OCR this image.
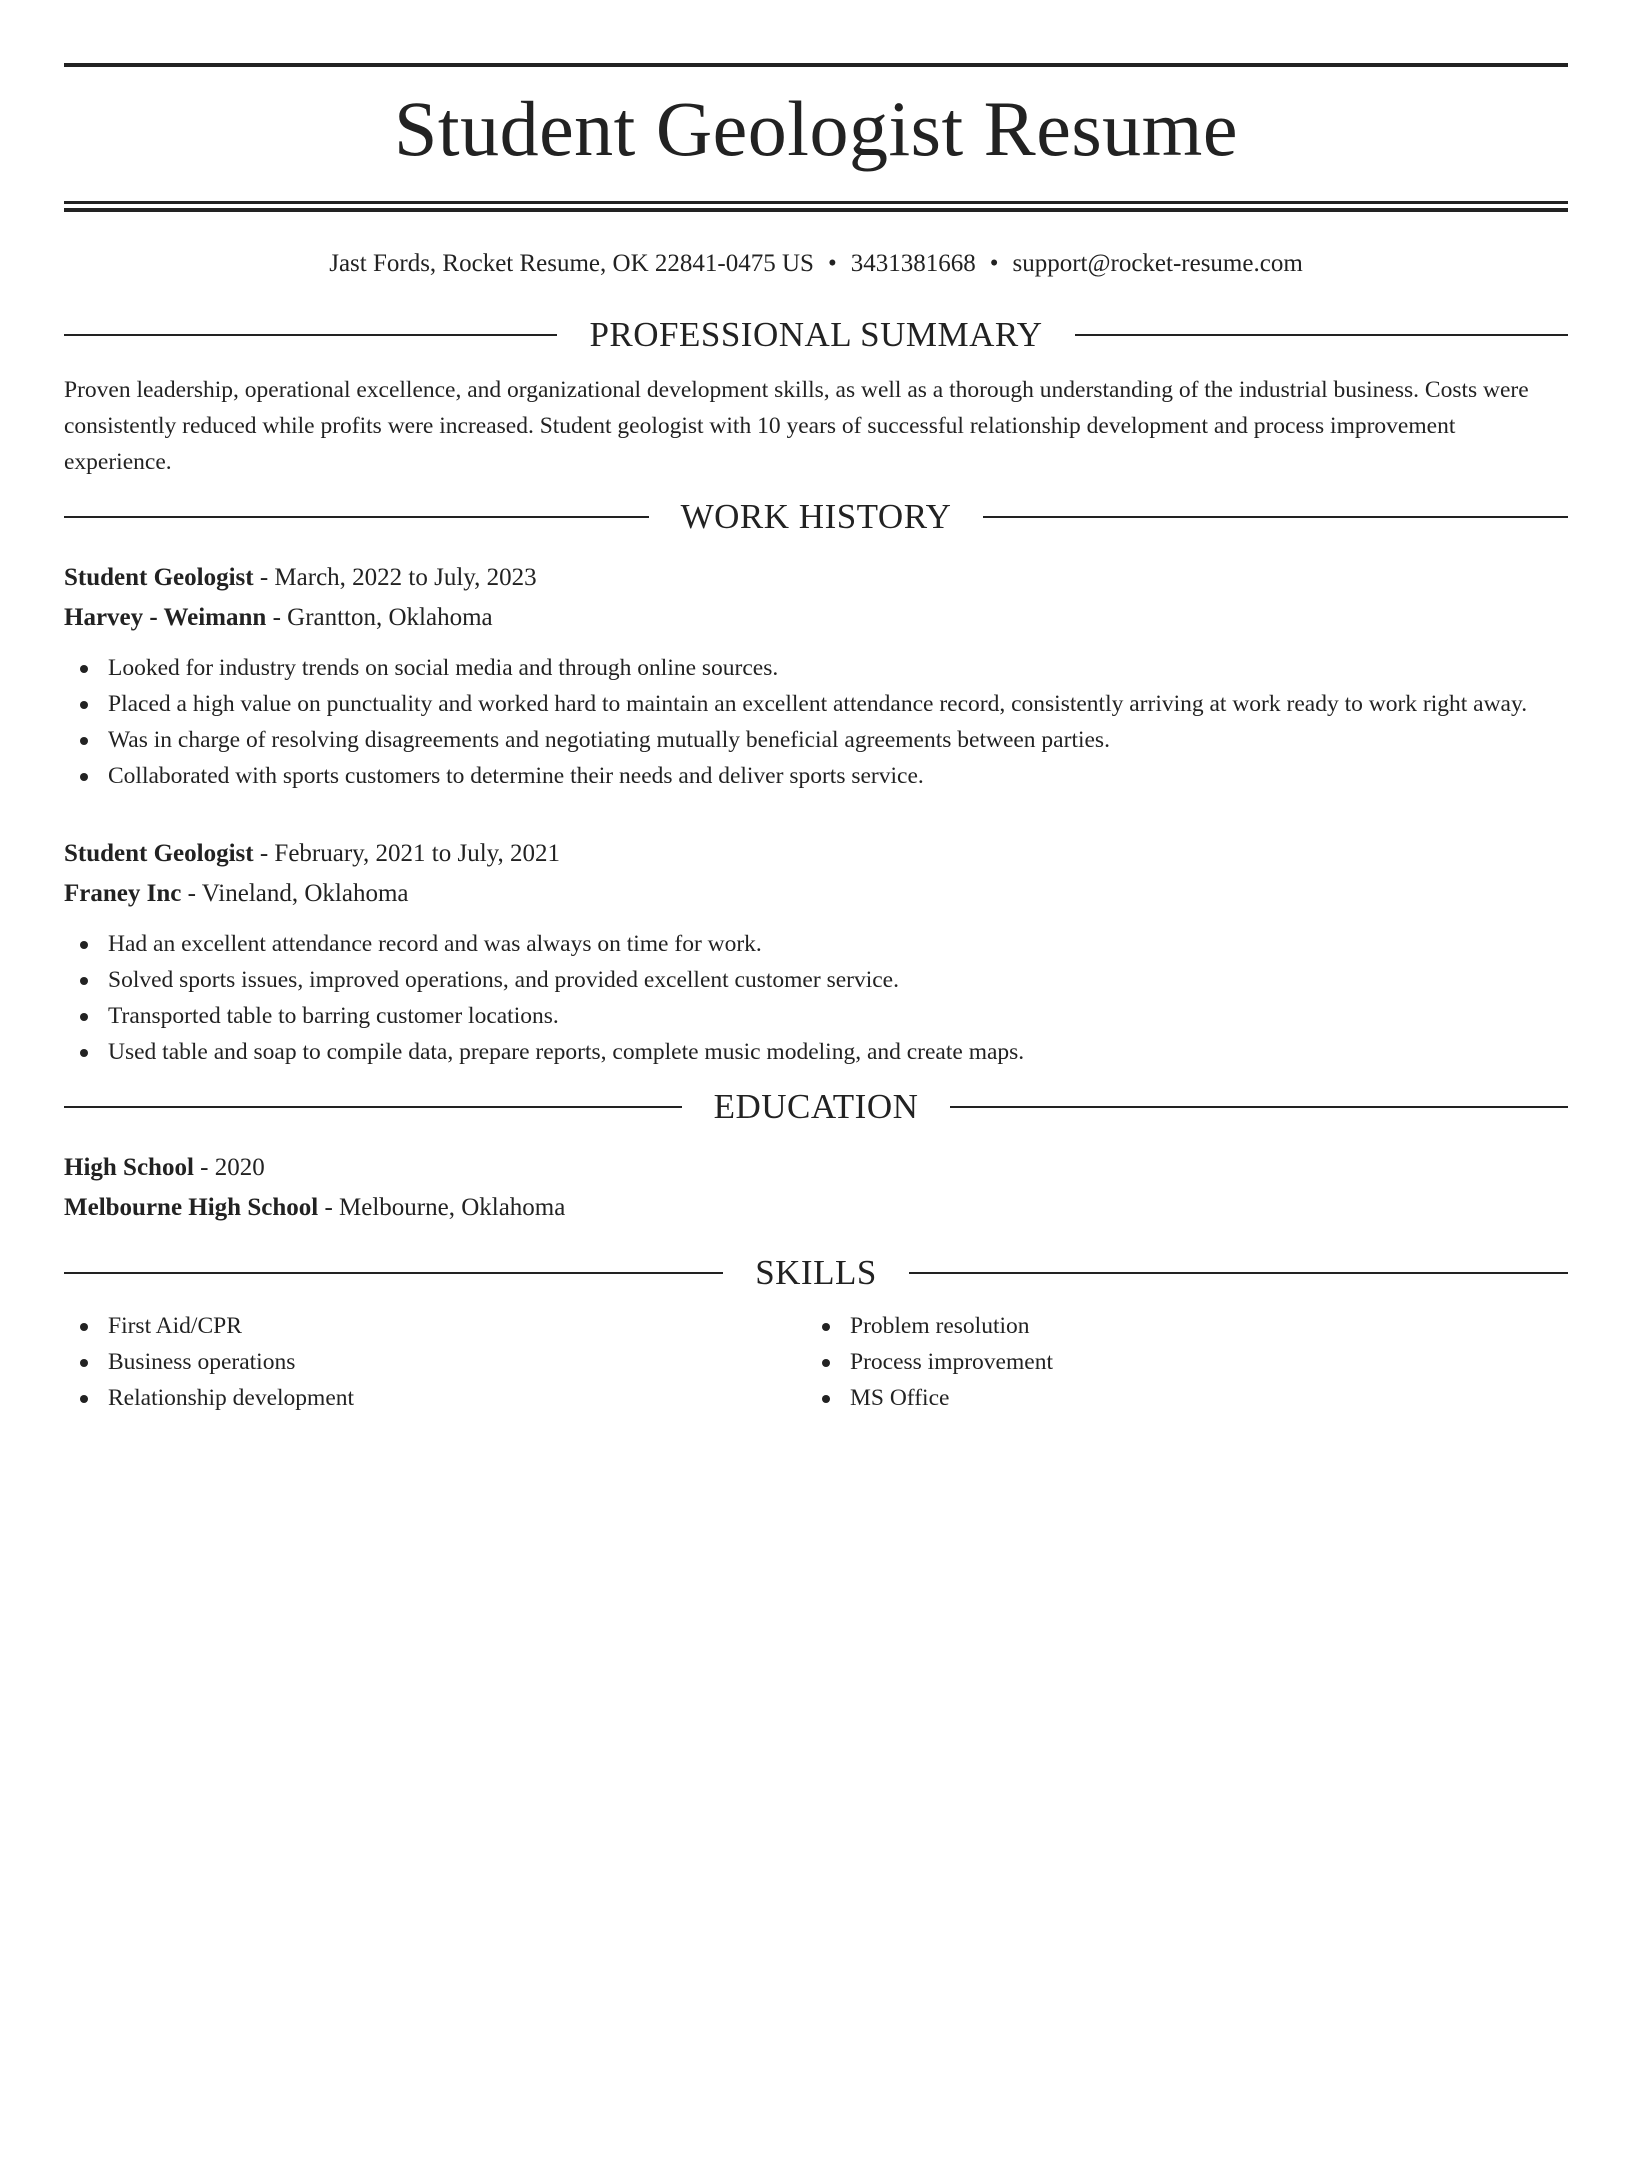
Student Geologist Resume
Jast Fords, Rocket Resume, OK 22841-0475 US • 3431381668 • support@rocket-resume.com
PROFESSIONAL SUMMARY
Proven leadership, operational excellence, and organizational development skills, as well as a thorough understanding of the industrial business. Costs were consistently reduced while profits were increased. Student geologist with 10 years of successful relationship development and process improvement experience.
WORK HISTORY
Student Geologist - March, 2022 to July, 2023
Harvey - Weimann - Grantton, Oklahoma
Looked for industry trends on social media and through online sources.
Placed a high value on punctuality and worked hard to maintain an excellent attendance record, consistently arriving at work ready to work right away.
Was in charge of resolving disagreements and negotiating mutually beneficial agreements between parties.
Collaborated with sports customers to determine their needs and deliver sports service.
Student Geologist - February, 2021 to July, 2021
Franey Inc - Vineland, Oklahoma
Had an excellent attendance record and was always on time for work.
Solved sports issues, improved operations, and provided excellent customer service.
Transported table to barring customer locations.
Used table and soap to compile data, prepare reports, complete music modeling, and create maps.
EDUCATION
High School - 2020
Melbourne High School - Melbourne, Oklahoma
SKILLS
First Aid/CPR
Business operations
Relationship development
Problem resolution
Process improvement
MS Office
